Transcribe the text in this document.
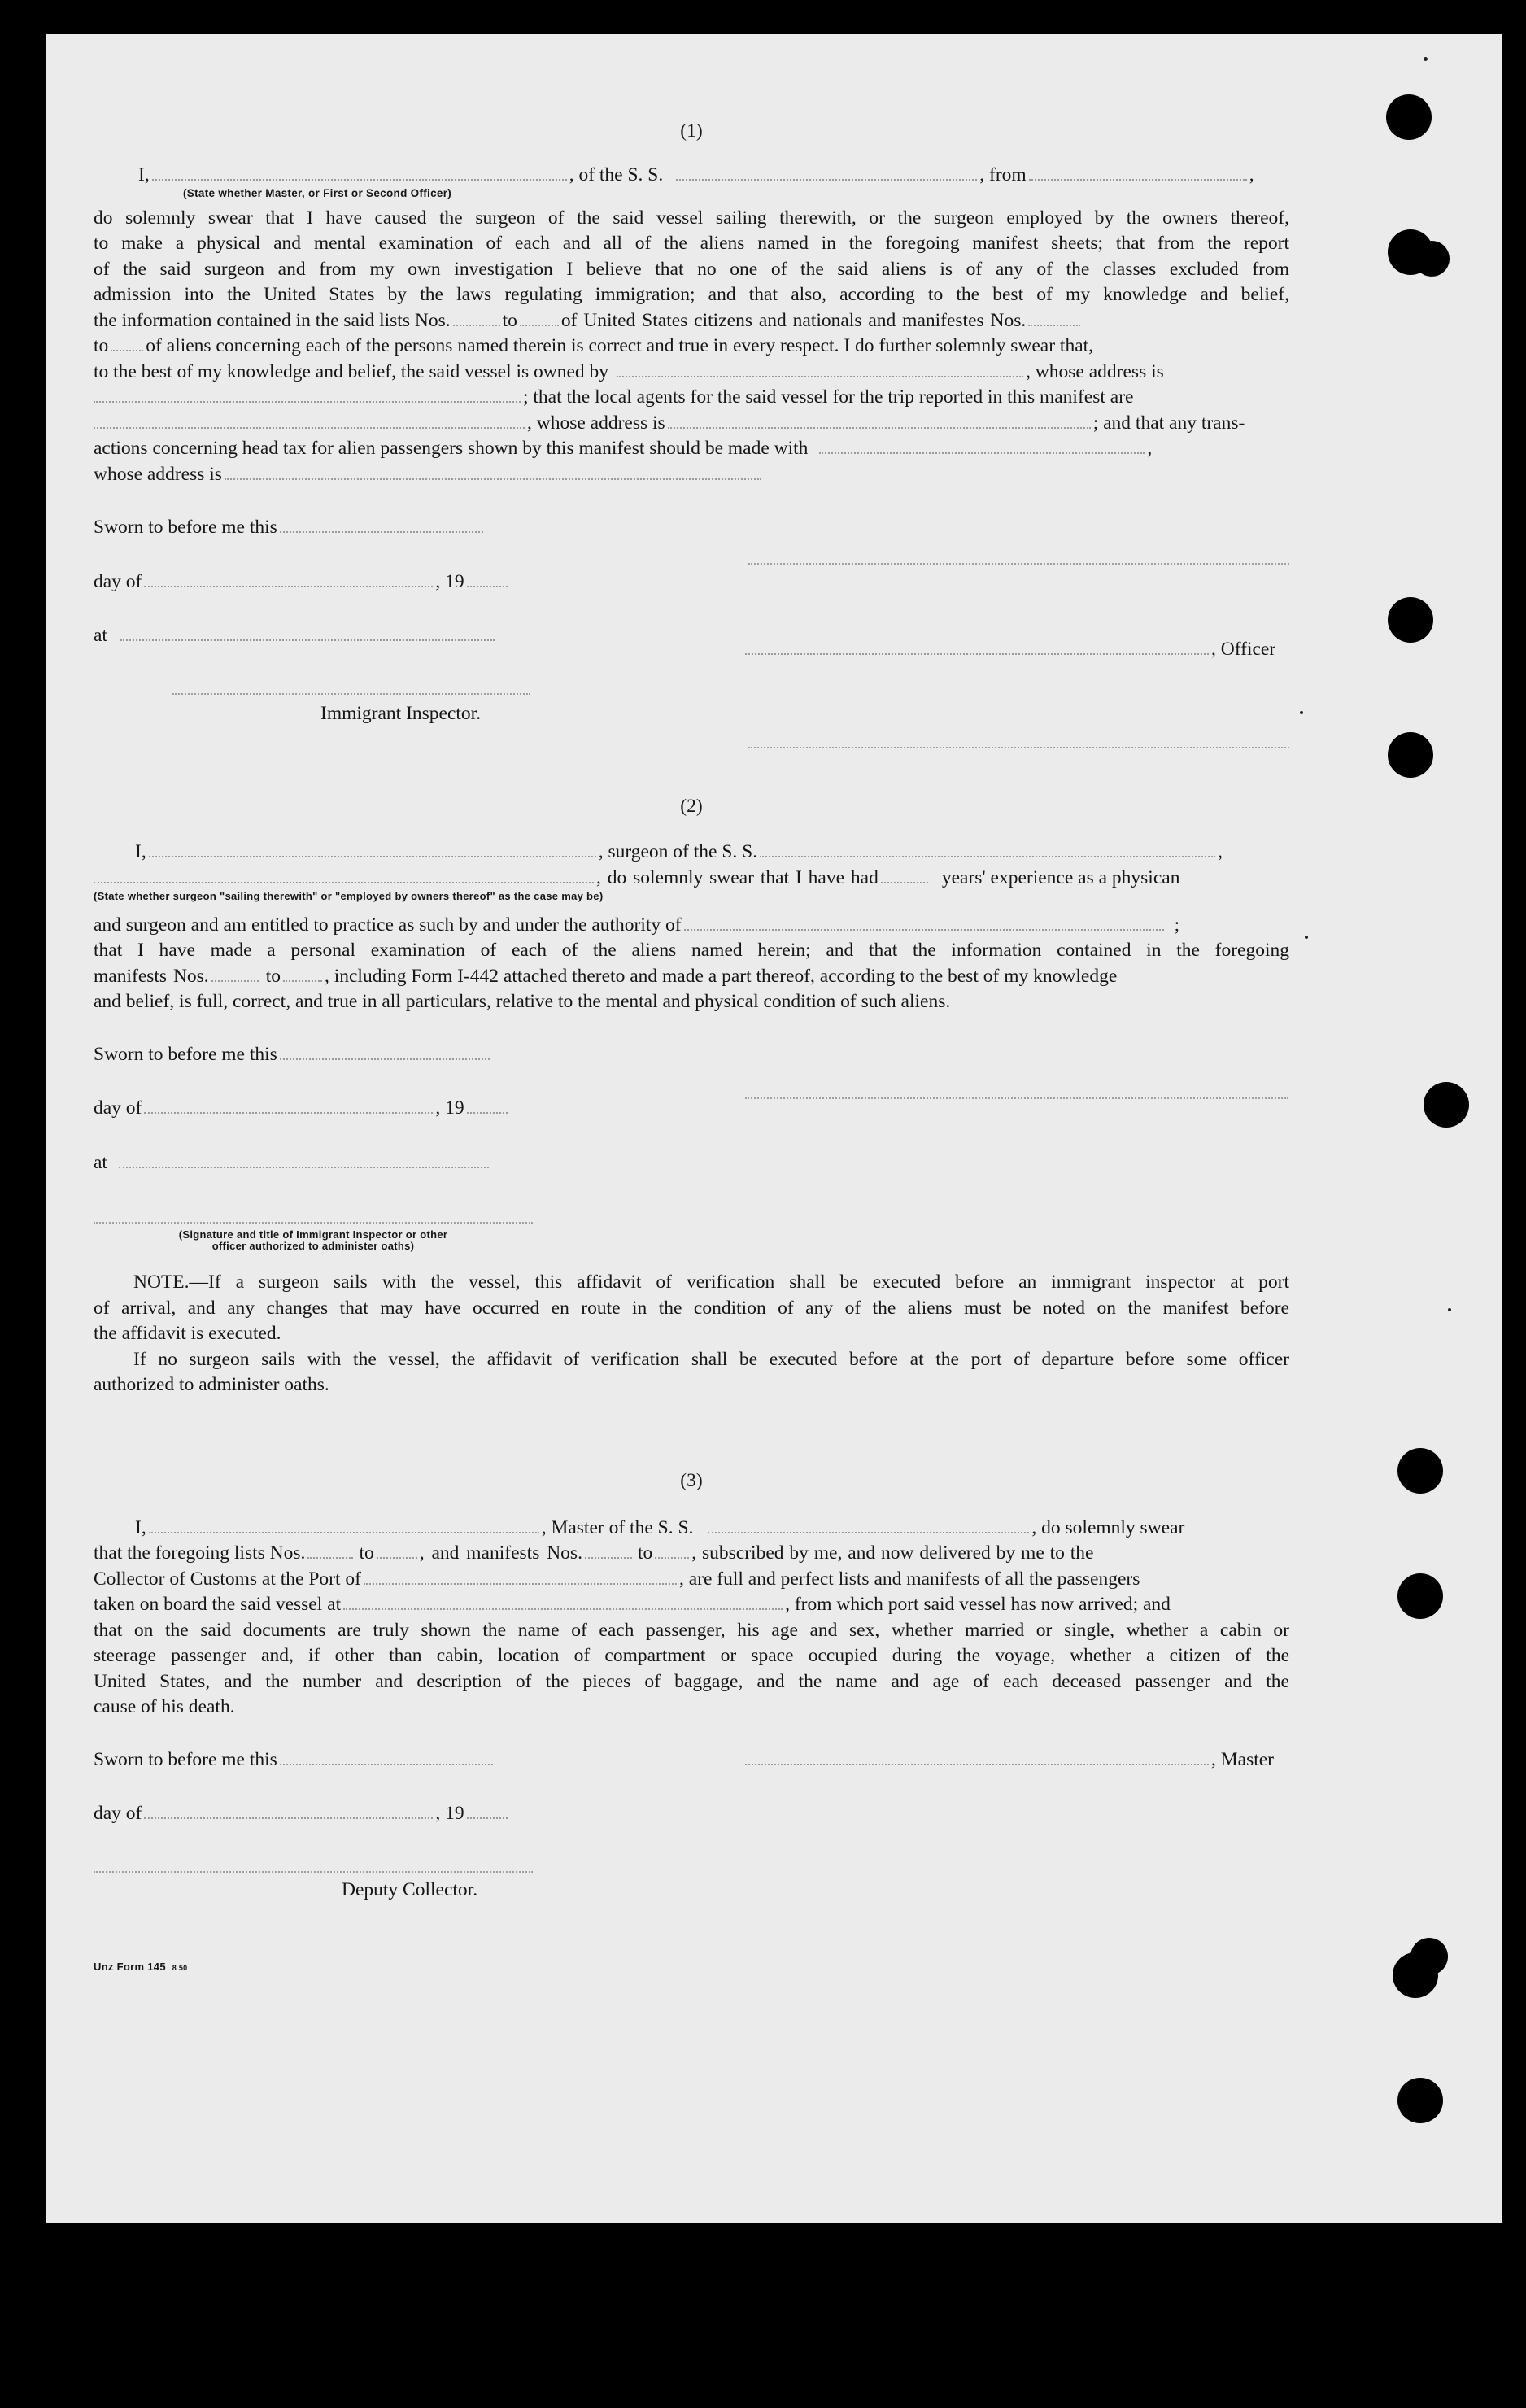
(1)
I,	, of the S. S.	, from	,
(State whether Master, or First or Second Officer)
do solemnly swear that I have caused the surgeon of the said vessel sailing therewith, or the surgeon employed by the owners thereof,
to make a physical and mental examination of each and all of the aliens named in the foregoing manifest sheets; that from the report
of the said surgeon and from my own investigation I believe that no one of the said aliens is of any of the classes excluded from
admission into the United States by the laws regulating immigration; and that also, according to the best of my knowledge and belief,
the information contained in the said lists Nos.	to of United States citizens and nationals and manifestes Nos.
to of aliens concerning each of the persons named therein is correct and true in every respect. I do further solemnly swear that,
to the best of my knowledge and belief, the said vessel is owned by	, whose address is
; that the local agents for the said vessel for the trip reported in this manifest are
, whose address is	; and that any trans-
actions concerning head tax for alien passengers shown by this manifest should be made with	,
whose address is
Sworn to before me this
day of	, 19
at
, Officer
Immigrant Inspector.
(2)
I,	, surgeon of the S. S.	,
, do solemnly swear that I have had	years' experience as a physican
(State whether surgeon "sailing therewith" or "employed by owners thereof" as the case may be)
and surgeon and am entitled to practice as such by and under the authority of	;
that I have made a personal examination of each of the aliens named herein; and that the information contained in the foregoing
manifests Nos.	to , including Form I-442 attached thereto and made a part thereof, according to the best of my knowledge
and belief, is full, correct, and true in all particulars, relative to the mental and physical condition of such aliens.
Sworn to before me this
day of	, 19
at
(Signature and title of Immigrant Inspector or other
officer authorized to administer oaths)
NOTE.—If a surgeon sails with the vessel, this affidavit of verification shall be executed before an immigrant inspector at port
of arrival, and any changes that may have occurred en route in the condition of any of the aliens must be noted on the manifest before
the affidavit is executed.
If no surgeon sails with the vessel, the affidavit of verification shall be executed before at the port of departure before some officer
authorized to administer oaths.
(3)
I,	, Master of the S. S.	, do solemnly swear
that the foregoing lists Nos.	to , and manifests Nos.	to , subscribed by me, and now delivered by me to the
Collector of Customs at the Port of	, are full and perfect lists and manifests of all the passengers
taken on board the said vessel at	, from which port said vessel has now arrived; and
that on the said documents are truly shown the name of each passenger, his age and sex, whether married or single, whether a cabin or
steerage passenger and, if other than cabin, location of compartment or space occupied during the voyage, whether a citizen of the
United States, and the number and description of the pieces of baggage, and the name and age of each deceased passenger and the
cause of his death.
Sworn to before me this	, Master
day of	, 19
Deputy Collector.
Unz Form 145 8 50
